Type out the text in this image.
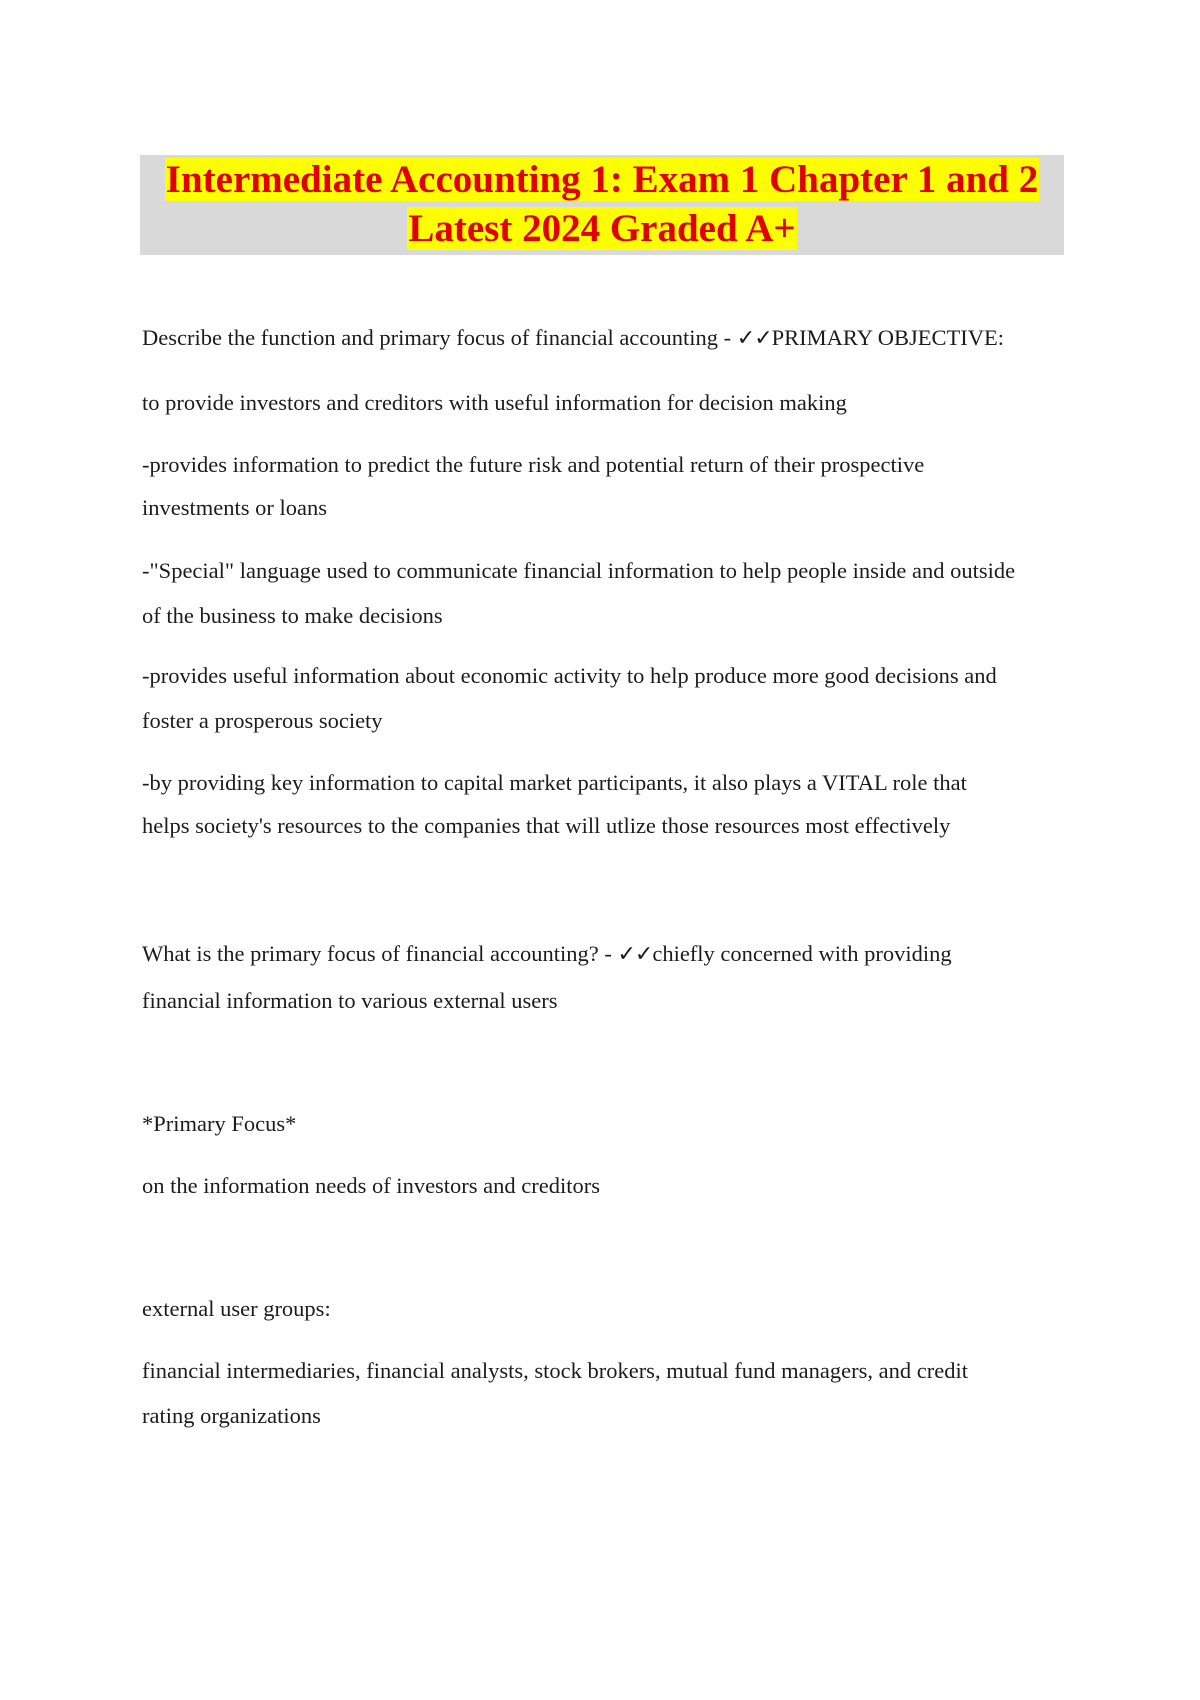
Intermediate Accounting 1: Exam 1 Chapter 1 and 2
Latest 2024 Graded A+
Describe the function and primary focus of financial accounting - ✓✓PRIMARY OBJECTIVE:
to provide investors and creditors with useful information for decision making
-provides information to predict the future risk and potential return of their prospective
investments or loans
-"Special" language used to communicate financial information to help people inside and outside
of the business to make decisions
-provides useful information about economic activity to help produce more good decisions and
foster a prosperous society
-by providing key information to capital market participants, it also plays a VITAL role that
helps society's resources to the companies that will utlize those resources most effectively
What is the primary focus of financial accounting? - ✓✓chiefly concerned with providing
financial information to various external users
*Primary Focus*
on the information needs of investors and creditors
external user groups:
financial intermediaries, financial analysts, stock brokers, mutual fund managers, and credit
rating organizations
